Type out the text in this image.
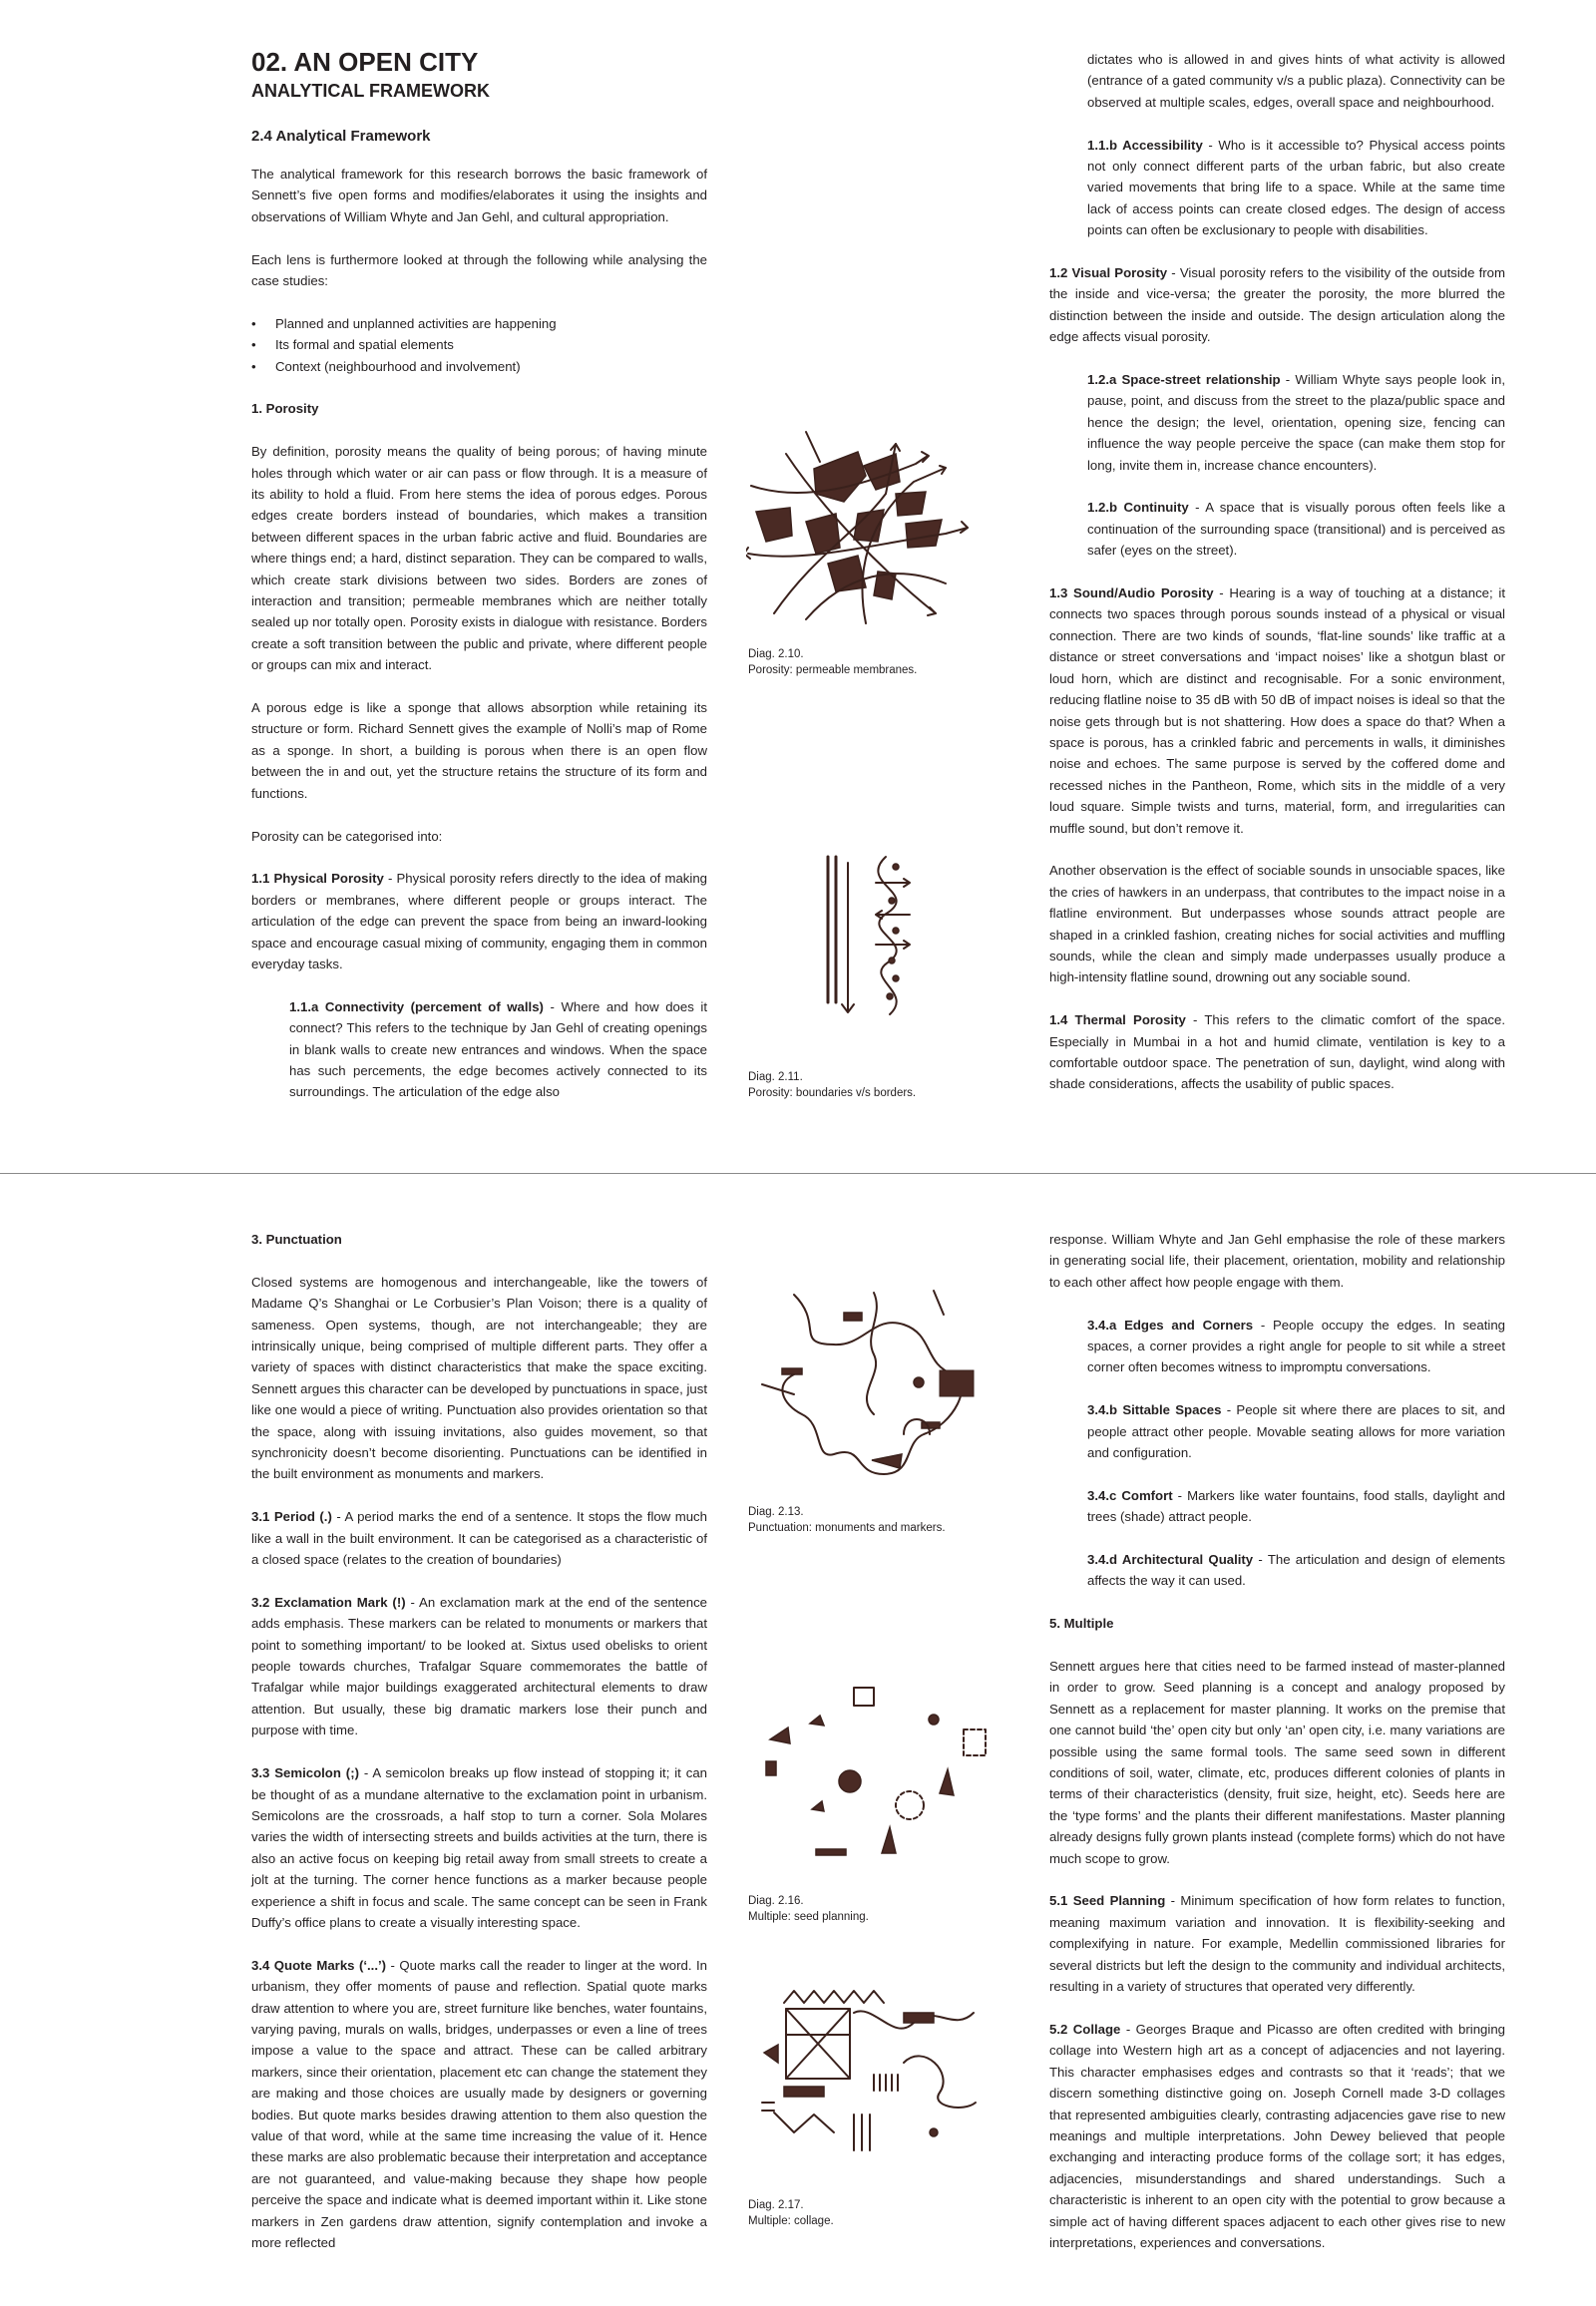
02. AN OPEN CITY
ANALYTICAL FRAMEWORK
2.4 Analytical Framework

The analytical framework for this research borrows the basic framework of Sennett’s five open forms and modifies/elaborates it using the insights and observations of William Whyte and Jan Gehl, and cultural appropriation.

Each lens is furthermore looked at through the following while analysing the case studies:

• Planned and unplanned activities are happening
• Its formal and spatial elements
• Context (neighbourhood and involvement)
1. Porosity

By definition, porosity means the quality of being porous; of having minute holes through which water or air can pass or flow through. It is a measure of its ability to hold a fluid. From here stems the idea of porous edges. Porous edges create borders instead of boundaries, which makes a transition between different spaces in the urban fabric active and fluid. Boundaries are where things end; a hard, distinct separation. They can be compared to walls, which create stark divisions between two sides. Borders are zones of interaction and transition; permeable membranes which are neither totally sealed up nor totally open. Porosity exists in dialogue with resistance. Borders create a soft transition between the public and private, where different people or groups can mix and interact.

A porous edge is like a sponge that allows absorption while retaining its structure or form. Richard Sennett gives the example of Nolli’s map of Rome as a sponge. In short, a building is porous when there is an open flow between the in and out, yet the structure retains the structure of its form and functions.

Porosity can be categorised into:

1.1 Physical Porosity - Physical porosity refers directly to the idea of making borders or membranes, where different people or groups interact. The articulation of the edge can prevent the space from being an inward-looking space and encourage casual mixing of community, engaging them in common everyday tasks.

1.1.a Connectivity (percement of walls) - Where and how does it connect? This refers to the technique by Jan Gehl of creating openings in blank walls to create new entrances and windows. When the space has such percements, the edge becomes actively connected to its surroundings. The articulation of the edge also

Diag. 2.10.
Porosity: permeable membranes.
Diag. 2.11.
Porosity: boundaries v/s borders.

dictates who is allowed in and gives hints of what activity is allowed (entrance of a gated community v/s a public plaza). Connectivity can be observed at multiple scales, edges, overall space and neighbourhood.

1.1.b Accessibility - Who is it accessible to? Physical access points not only connect different parts of the urban fabric, but also create varied movements that bring life to a space. While at the same time lack of access points can create closed edges. The design of access points can often be exclusionary to people with disabilities.

1.2 Visual Porosity - Visual porosity refers to the visibility of the outside from the inside and vice-versa; the greater the porosity, the more blurred the distinction between the inside and outside. The design articulation along the edge affects visual porosity.

1.2.a Space-street relationship - William Whyte says people look in, pause, point, and discuss from the street to the plaza/public space and hence the design; the level, orientation, opening size, fencing can influence the way people perceive the space (can make them stop for long, invite them in, increase chance encounters).

1.2.b Continuity - A space that is visually porous often feels like a continuation of the surrounding space (transitional) and is perceived as safer (eyes on the street).

1.3 Sound/Audio Porosity - Hearing is a way of touching at a distance; it connects two spaces through porous sounds instead of a physical or visual connection. There are two kinds of sounds, ‘flat-line sounds’ like traffic at a distance or street conversations and ‘impact noises’ like a shotgun blast or loud horn, which are distinct and recognisable. For a sonic environment, reducing flatline noise to 35 dB with 50 dB of impact noises is ideal so that the noise gets through but is not shattering. How does a space do that? When a space is porous, has a crinkled fabric and percements in walls, it diminishes noise and echoes. The same purpose is served by the coffered dome and recessed niches in the Pantheon, Rome, which sits in the middle of a very loud square. Simple twists and turns, material, form, and irregularities can muffle sound, but don’t remove it.

Another observation is the effect of sociable sounds in unsociable spaces, like the cries of hawkers in an underpass, that contributes to the impact noise in a flatline environment. But underpasses whose sounds attract people are shaped in a crinkled fashion, creating niches for social activities and muffling sounds, while the clean and simply made underpasses usually produce a high-intensity flatline sound, drowning out any sociable sound.

1.4 Thermal Porosity - This refers to the climatic comfort of the space. Especially in Mumbai in a hot and humid climate, ventilation is key to a comfortable outdoor space. The penetration of sun, daylight, wind along with shade considerations, affects the usability of public spaces.

3. Punctuation

Closed systems are homogenous and interchangeable, like the towers of Madame Q’s Shanghai or Le Corbusier’s Plan Voison; there is a quality of sameness. Open systems, though, are not interchangeable; they are intrinsically unique, being comprised of multiple different parts. They offer a variety of spaces with distinct characteristics that make the space exciting. Sennett argues this character can be developed by punctuations in space, just like one would a piece of writing. Punctuation also provides orientation so that the space, along with issuing invitations, also guides movement, so that synchronicity doesn’t become disorienting. Punctuations can be identified in the built environment as monuments and markers.

3.1 Period (.) - A period marks the end of a sentence. It stops the flow much like a wall in the built environment. It can be categorised as a characteristic of a closed space (relates to the creation of boundaries)

3.2 Exclamation Mark (!) - An exclamation mark at the end of the sentence adds emphasis. These markers can be related to monuments or markers that point to something important/ to be looked at. Sixtus used obelisks to orient people towards churches, Trafalgar Square commemorates the battle of Trafalgar while major buildings exaggerated architectural elements to draw attention. But usually, these big dramatic markers lose their punch and purpose with time.

3.3 Semicolon (;) - A semicolon breaks up flow instead of stopping it; it can be thought of as a mundane alternative to the exclamation point in urbanism. Semicolons are the crossroads, a half stop to turn a corner. Sola Molares varies the width of intersecting streets and builds activities at the turn, there is also an active focus on keeping big retail away from small streets to create a jolt at the turning. The corner hence functions as a marker because people experience a shift in focus and scale. The same concept can be seen in Frank Duffy’s office plans to create a visually interesting space.

3.4 Quote Marks (‘...’) - Quote marks call the reader to linger at the word. In urbanism, they offer moments of pause and reflection. Spatial quote marks draw attention to where you are, street furniture like benches, water fountains, varying paving, murals on walls, bridges, underpasses or even a line of trees impose a value to the space and attract. These can be called arbitrary markers, since their orientation, placement etc can change the statement they are making and those choices are usually made by designers or governing bodies. But quote marks besides drawing attention to them also question the value of that word, while at the same time increasing the value of it. Hence these marks are also problematic because their interpretation and acceptance are not guaranteed, and value-making because they shape how people perceive the space and indicate what is deemed important within it. Like stone markers in Zen gardens draw attention, signify contemplation and invoke a more reflected

Diag. 2.13.
Punctuation: monuments and markers.
Diag. 2.16.
Multiple: seed planning.
Diag. 2.17.
Multiple: collage.

response. William Whyte and Jan Gehl emphasise the role of these markers in generating social life, their placement, orientation, mobility and relationship to each other affect how people engage with them.

3.4.a Edges and Corners - People occupy the edges. In seating spaces, a corner provides a right angle for people to sit while a street corner often becomes witness to impromptu conversations.

3.4.b Sittable Spaces - People sit where there are places to sit, and people attract other people. Movable seating allows for more variation and configuration.

3.4.c Comfort - Markers like water fountains, food stalls, daylight and trees (shade) attract people.

3.4.d Architectural Quality - The articulation and design of elements affects the way it can used.

5. Multiple

Sennett argues here that cities need to be farmed instead of master-planned in order to grow. Seed planning is a concept and analogy proposed by Sennett as a replacement for master planning. It works on the premise that one cannot build ‘the’ open city but only ‘an’ open city, i.e. many variations are possible using the same formal tools. The same seed sown in different conditions of soil, water, climate, etc, produces different colonies of plants in terms of their characteristics (density, fruit size, height, etc). Seeds here are the ‘type forms’ and the plants their different manifestations. Master planning already designs fully grown plants instead (complete forms) which do not have much scope to grow.

5.1 Seed Planning - Minimum specification of how form relates to function, meaning maximum variation and innovation. It is flexibility-seeking and complexifying in nature. For example, Medellin commissioned libraries for several districts but left the design to the community and individual architects, resulting in a variety of structures that operated very differently.

5.2 Collage - Georges Braque and Picasso are often credited with bringing collage into Western high art as a concept of adjacencies and not layering. This character emphasises edges and contrasts so that it ‘reads’; that we discern something distinctive going on. Joseph Cornell made 3-D collages that represented ambiguities clearly, contrasting adjacencies gave rise to new meanings and multiple interpretations. John Dewey believed that people exchanging and interacting produce forms of the collage sort; it has edges, adjacencies, misunderstandings and shared understandings. Such a characteristic is inherent to an open city with the potential to grow because a simple act of having different spaces adjacent to each other gives rise to new interpretations, experiences and conversations.
